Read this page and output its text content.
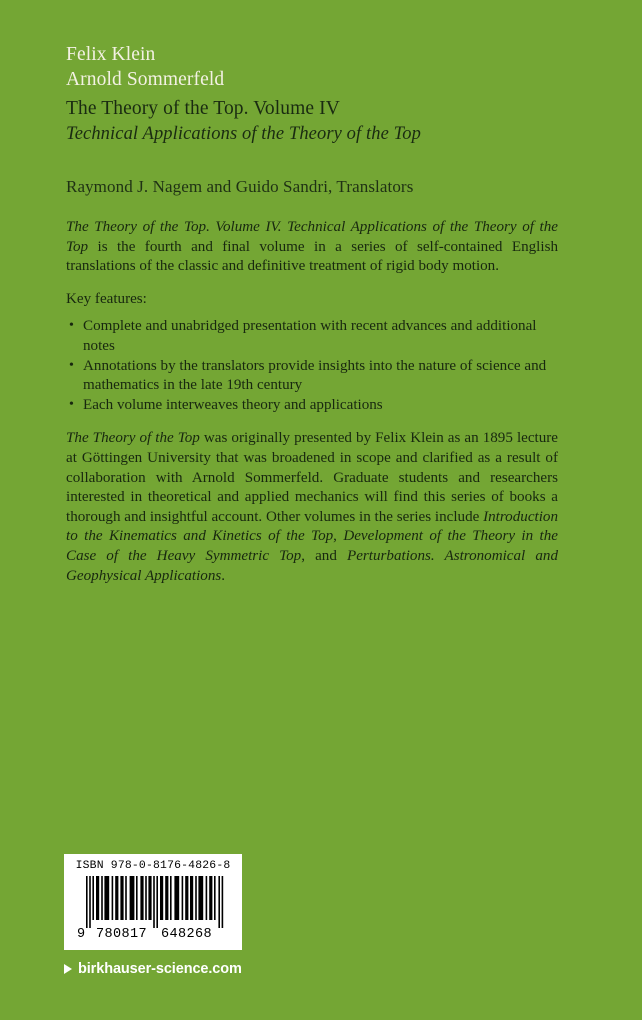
Felix Klein
Arnold Sommerfeld
The Theory of the Top. Volume IV
Technical Applications of the Theory of the Top
Raymond J. Nagem and Guido Sandri, Translators

The Theory of the Top. Volume IV. Technical Applications of the Theory of the Top is the fourth and final volume in a series of self-contained English translations of the classic and definitive treatment of rigid body motion.

Key features:

• Complete and unabridged presentation with recent advances and additional notes
• Annotations by the translators provide insights into the nature of science and mathematics in the late 19th century
• Each volume interweaves theory and applications

The Theory of the Top was originally presented by Felix Klein as an 1895 lecture at Göttingen University that was broadened in scope and clarified as a result of collaboration with Arnold Sommerfeld. Graduate students and researchers interested in theoretical and applied mechanics will find this series of books a thorough and insightful account. Other volumes in the series include Introduction to the Kinematics and Kinetics of the Top, Development of the Theory in the Case of the Heavy Symmetric Top, and Perturbations. Astronomical and Geophysical Applications.

ISBN 978-0-8176-4826-8
9 780817 648268
birkhauser-science.com
